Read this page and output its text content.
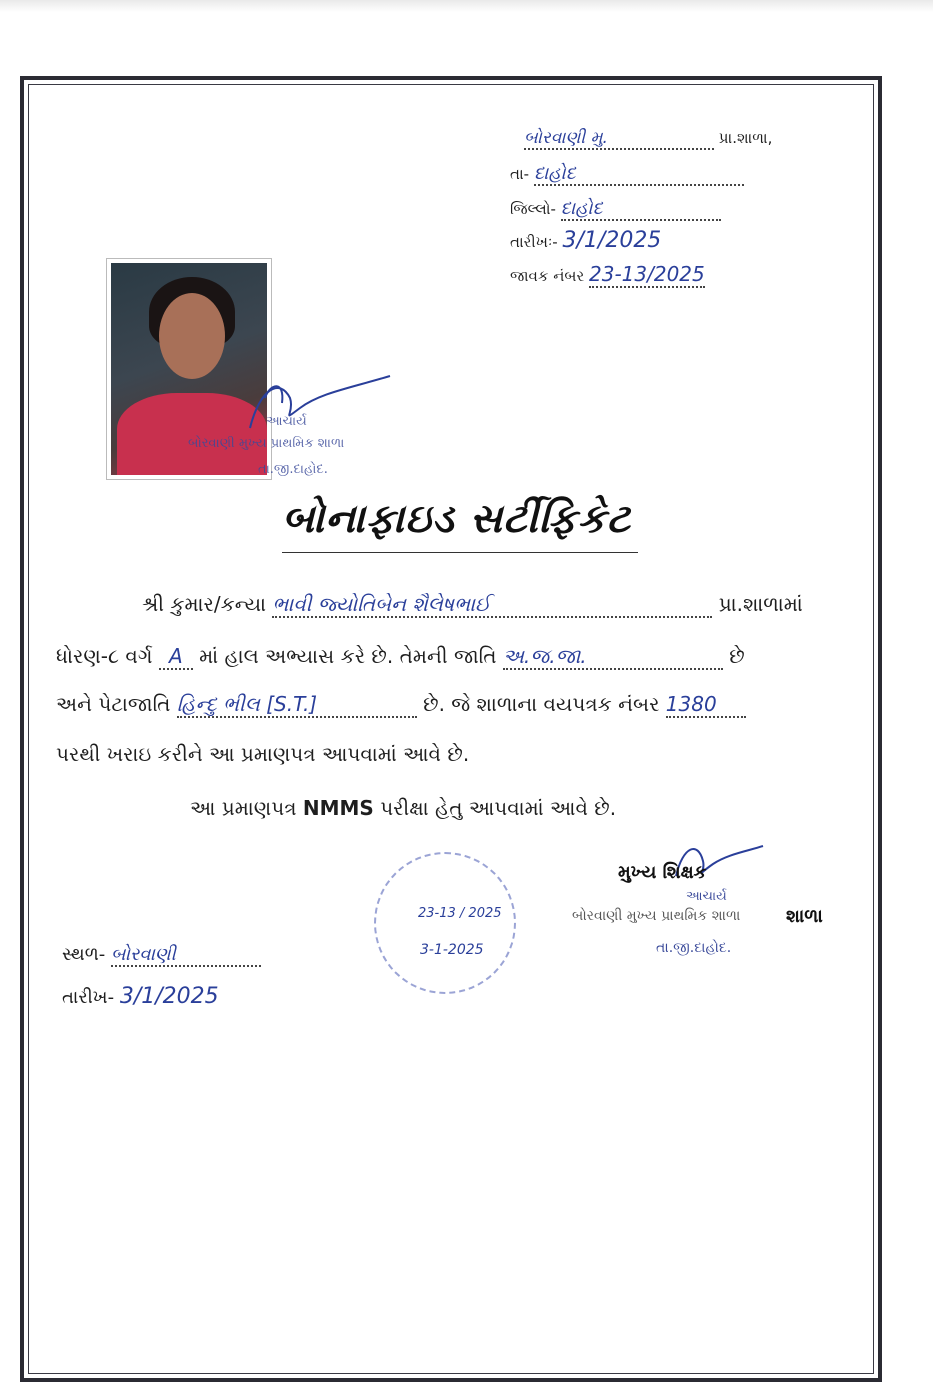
બોરવાણી મુ.	પ્રા.શાળા,
તા- દાહોદ
જિલ્લો- દાહોદ
તારીખઃ- 3/1/2025
જાવક નંબર 23-13/2025
આચાર્ય
બોરવાણી મુખ્ય પ્રાથમિક શાળા
તા.જી.દાહોદ.
બોનાફાઇડ સર્ટીફિકેટ
શ્રી કુમાર/કન્યા ભાવી જ્યોતિબેન શૈલેષભાઈ	પ્રા.શાળામાં
ધોરણ-૮ વર્ગ A માં હાલ અભ્યાસ કરે છે. તેમની જાતિ અ.જ.જા.	છે
અને પેટાજાતિ હિન્દુ ભીલ [S.T.]	છે. જે શાળાના વયપત્રક નંબર 1380
પરથી ખરાઇ કરીને આ પ્રમાણપત્ર આપવામાં આવે છે.
આ પ્રમાણપત્ર NMMS પરીક્ષા હેતુ આપવામાં આવે છે.
23-13 / 2025
3-1-2025
મુખ્ય શિક્ષક
આચાર્ય
બોરવાણી મુખ્ય પ્રાથમિક શાળા	શાળા
તા.જી.દાહોદ.
સ્થળ- બોરવાણી
તારીખ- 3/1/2025
